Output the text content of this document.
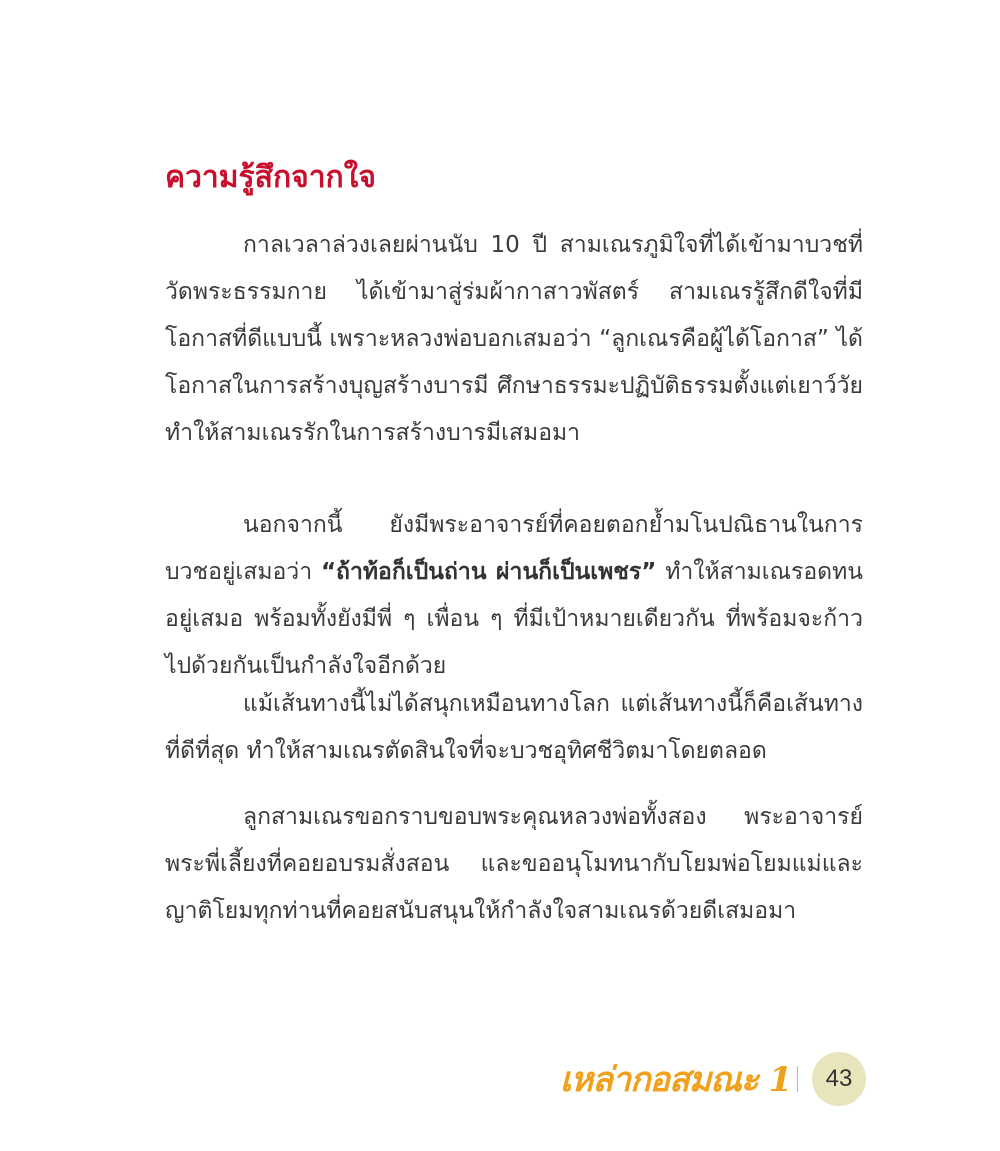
ความรู้สึกจากใจ

กาลเวลาล่วงเลยผ่านนับ 10 ปี สามเณรภูมิใจที่ได้เข้ามาบวชที่วัดพระธรรมกาย ได้เข้ามาสู่ร่มผ้ากาสาวพัสตร์ สามเณรรู้สึกดีใจที่มีโอกาสที่ดีแบบนี้ เพราะหลวงพ่อบอกเสมอว่า “ลูกเณรคือผู้ได้โอกาส” ได้โอกาสในการสร้างบุญสร้างบารมี ศึกษาธรรมะปฏิบัติธรรมตั้งแต่เยาว์วัย ทำให้สามเณรรักในการสร้างบารมีเสมอมา

นอกจากนี้ ยังมีพระอาจารย์ที่คอยตอกย้ำมโนปณิธานในการบวชอยู่เสมอว่า “ถ้าท้อก็เป็นถ่าน ผ่านก็เป็นเพชร” ทำให้สามเณรอดทนอยู่เสมอ พร้อมทั้งยังมีพี่ ๆ เพื่อน ๆ ที่มีเป้าหมายเดียวกัน ที่พร้อมจะก้าวไปด้วยกันเป็นกำลังใจอีกด้วย

แม้เส้นทางนี้ไม่ได้สนุกเหมือนทางโลก แต่เส้นทางนี้ก็คือเส้นทางที่ดีที่สุด ทำให้สามเณรตัดสินใจที่จะบวชอุทิศชีวิตมาโดยตลอด

ลูกสามเณรขอกราบขอบพระคุณหลวงพ่อทั้งสอง พระอาจารย์พระพี่เลี้ยงที่คอยอบรมสั่งสอน และขออนุโมทนากับโยมพ่อโยมแม่และญาติโยมทุกท่านที่คอยสนับสนุนให้กำลังใจสามเณรด้วยดีเสมอมา

เหล่ากอสมณะ 1	43
